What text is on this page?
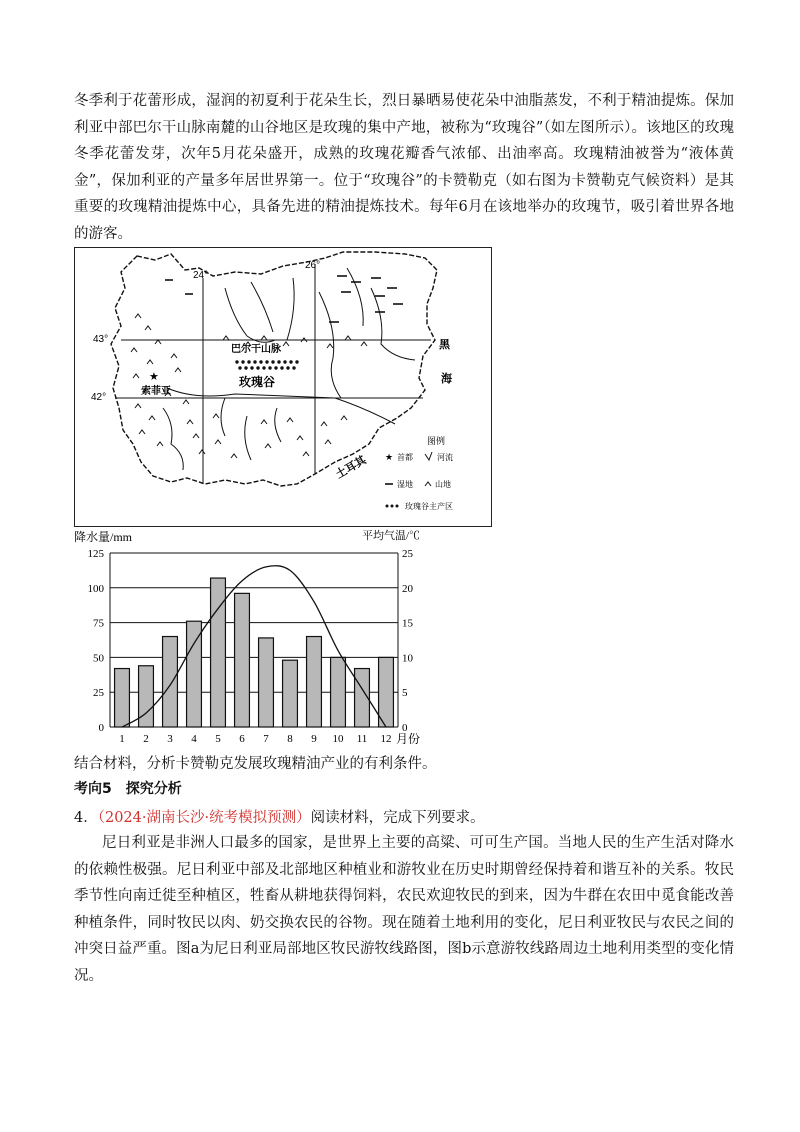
冬季利于花蕾形成，湿润的初夏利于花朵生长，烈日暴晒易使花朵中油脂蒸发，不利于精油提炼。保加利亚中部巴尔干山脉南麓的山谷地区是玫瑰的集中产地，被称为“玫瑰谷”（如左图所示）。该地区的玫瑰冬季花蕾发芽，次年5月花朵盛开，成熟的玫瑰花瓣香气浓郁、出油率高。玫瑰精油被誉为“液体黄金”，保加利亚的产量多年居世界第一。位于“玫瑰谷”的卡赞勒克（如右图为卡赞勒克气候资料）是其重要的玫瑰精油提炼中心，具备先进的精油提炼技术。每年6月在该地举办的玫瑰节，吸引着世界各地的游客。
24°
26°
43°
42°
巴尔干山脉
玫瑰谷
★
索菲亚
黑
海
土耳其
图例
★ 首都	河流
湿地	山地
玫瑰谷主产区
降水量/mm	平均气温/℃
月份
0
25
50
75
100
125
0
5
10
15
20
25
1 2 3 4 5 6 7 8 9 10 11 12
结合材料，分析卡赞勒克发展玫瑰精油产业的有利条件。
考向5　探究分析
4．（2024·湖南长沙·统考模拟预测）阅读材料，完成下列要求。
尼日利亚是非洲人口最多的国家，是世界上主要的高粱、可可生产国。当地人民的生产生活对降水的依赖性极强。尼日利亚中部及北部地区种植业和游牧业在历史时期曾经保持着和谐互补的关系。牧民季节性向南迁徙至种植区，牲畜从耕地获得饲料，农民欢迎牧民的到来，因为牛群在农田中觅食能改善种植条件，同时牧民以肉、奶交换农民的谷物。现在随着土地利用的变化，尼日利亚牧民与农民之间的冲突日益严重。图a为尼日利亚局部地区牧民游牧线路图，图b示意游牧线路周边土地利用类型的变化情况。
